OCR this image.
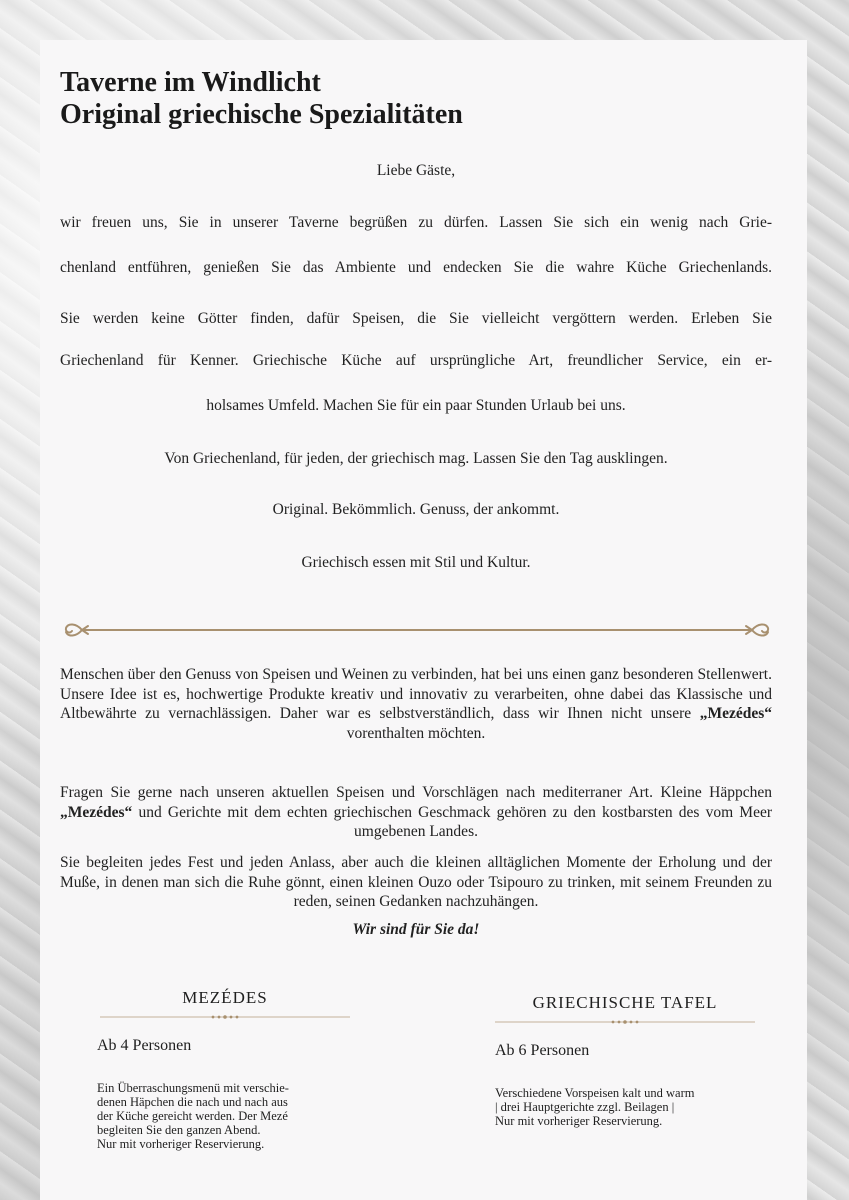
Taverne im Windlicht
Original griechische Spezialitäten

Liebe Gäste,

wir freuen uns, Sie in unserer Taverne begrüßen zu dürfen. Lassen Sie sich ein wenig nach Grie-

chenland entführen, genießen Sie das Ambiente und endecken Sie die wahre Küche Griechenlands.

Sie werden keine Götter finden, dafür Speisen, die Sie vielleicht vergöttern werden. Erleben Sie

Griechenland für Kenner. Griechische Küche auf ursprüngliche Art, freundlicher Service, ein er-

holsames Umfeld. Machen Sie für ein paar Stunden Urlaub bei uns.

Von Griechenland, für jeden, der griechisch mag. Lassen Sie den Tag ausklingen.

Original. Bekömmlich. Genuss, der ankommt.

Griechisch essen mit Stil und Kultur.

Menschen über den Genuss von Speisen und Weinen zu verbinden, hat bei uns einen ganz besonderen Stellenwert. Unsere Idee ist es, hochwertige Produkte kreativ und innovativ zu verarbeiten, ohne dabei das Klassische und Altbewährte zu vernachlässigen. Daher war es selbstverständlich, dass wir Ihnen nicht unsere „Mezédes“ vorenthalten möchten.

Fragen Sie gerne nach unseren aktuellen Speisen und Vorschlägen nach mediterraner Art. Kleine Häppchen „Mezédes“ und Gerichte mit dem echten griechischen Geschmack gehören zu den kostbarsten des vom Meer umgebenen Landes.

Sie begleiten jedes Fest und jeden Anlass, aber auch die kleinen alltäglichen Momente der Erholung und der Muße, in denen man sich die Ruhe gönnt, einen kleinen Ouzo oder Tsipouro zu trinken, mit seinem Freunden zu reden, seinen Gedanken nachzuhängen.

Wir sind für Sie da!

MEZÉDES
Ab 4 Personen
Ein Überraschungsmenü mit verschie-
denen Häpchen die nach und nach aus
der Küche gereicht werden. Der Mezé
begleiten Sie den ganzen Abend.
Nur mit vorheriger Reservierung.
GRIECHISCHE TAFEL
Ab 6 Personen
Verschiedene Vorspeisen kalt und warm
| drei Hauptgerichte zzgl. Beilagen |
Nur mit vorheriger Reservierung.
